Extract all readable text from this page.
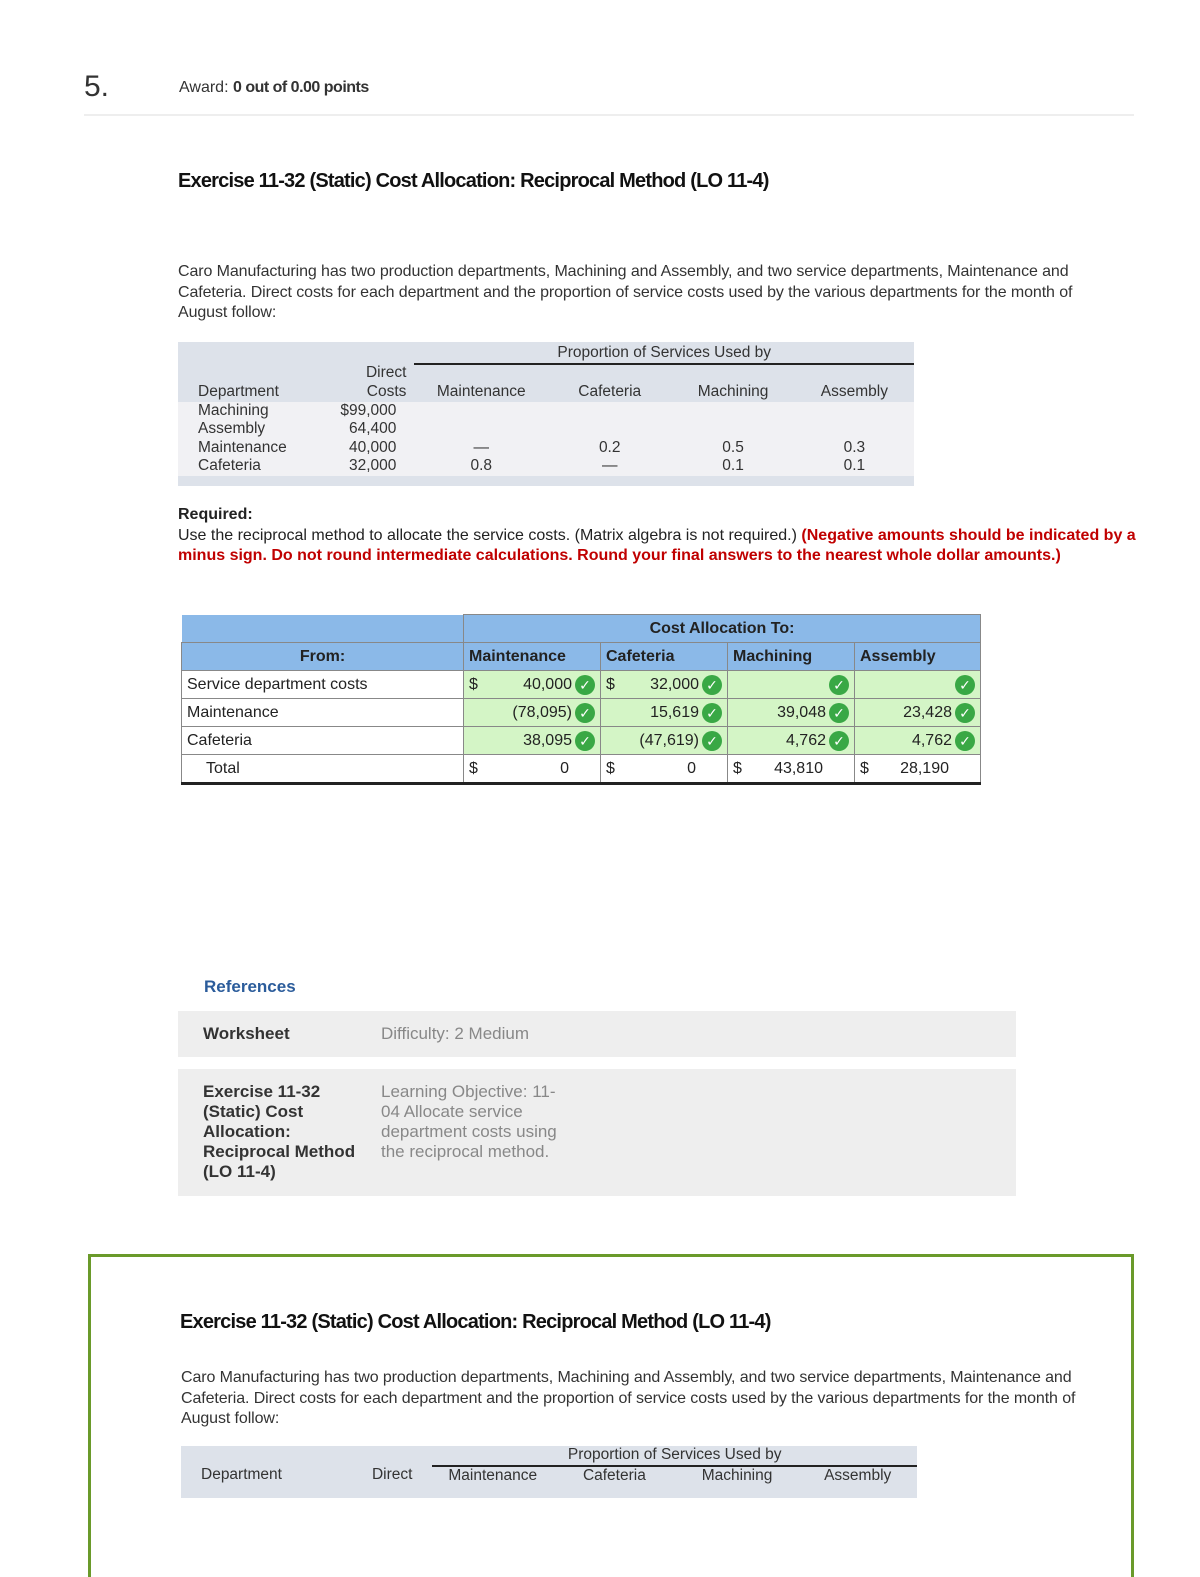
5.	Award: 0 out of 0.00 points
Exercise 11-32 (Static) Cost Allocation: Reciprocal Method (LO 11-4)
Caro Manufacturing has two production departments, Machining and Assembly, and two service departments, Maintenance and Cafeteria. Direct costs for each department and the proportion of service costs used by the various departments for the month of August follow:
		Proportion of Services Used by			
	Direct				
Department	Costs	Maintenance	Cafeteria	Machining	Assembly
Machining	$99,000				
Assembly	64,400				
Maintenance	40,000	—	0.2	0.5	0.3
Cafeteria	32,000	0.8	—	0.1	0.1

Required:
Use the reciprocal method to allocate the service costs. (Matrix algebra is not required.) (Negative amounts should be indicated by a minus sign. Do not round intermediate calculations. Round your final answers to the nearest whole dollar amounts.)
	Cost Allocation To:			
From:	Maintenance	Cafeteria	Machining	Assembly
Service department costs	$ 40,000 ✓	$ 32,000 ✓	✓	✓

Maintenance	(78,095) ✓	15,619 ✓	39,048 ✓	23,428 ✓

Cafeteria	38,095 ✓	(47,619) ✓	4,762 ✓	4,762 ✓

Total	$ 0	$ 0	$ 43,810	$ 28,190
References
Worksheet	Difficulty: 2 Medium
Exercise 11-32
(Static) Cost
Allocation:
Reciprocal Method
(LO 11-4)
Learning Objective: 11-
04 Allocate service
department costs using
the reciprocal method.
Exercise 11-32 (Static) Cost Allocation: Reciprocal Method (LO 11-4)
Caro Manufacturing has two production departments, Machining and Assembly, and two service departments, Maintenance and Cafeteria. Direct costs for each department and the proportion of service costs used by the various departments for the month of August follow:
		Proportion of Services Used by			
Department	Direct	Maintenance	Cafeteria	Machining	Assembly
